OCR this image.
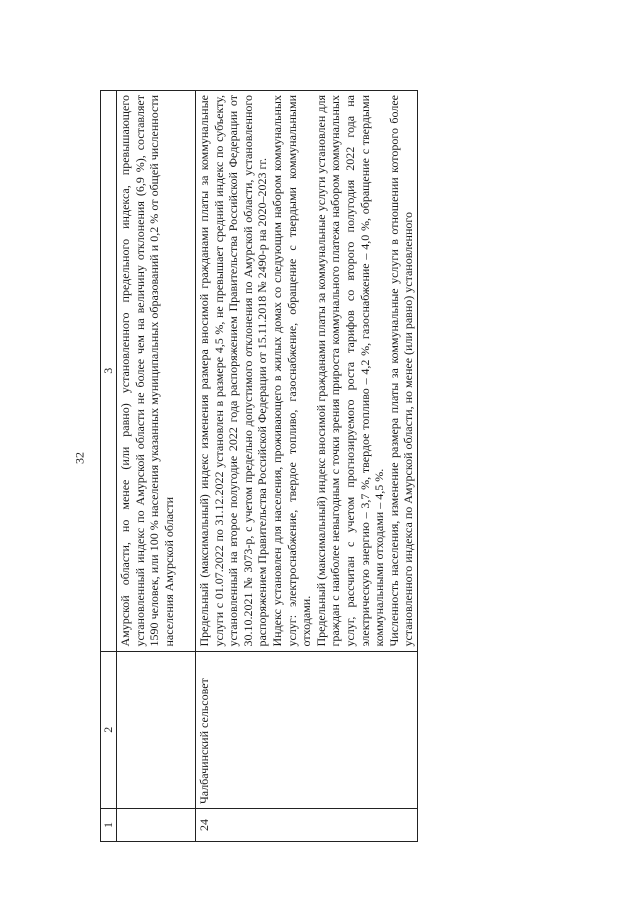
32
1	2	3

		Амурской области, но менее (или равно) установленного предельного индекса, превышающего установленный индекс по Амурской области не более чем на величину отклонения (6,9 %), составляет 1590 человек, или 100 % населения указанных муниципальных образований и 0,2 % от общей численности населения Амурской области

24	Чалбачинский сельсовет	Предельный (максимальный) индекс изменения размера вносимой гражданами платы за коммунальные услуги с 01.07.2022 по 31.12.2022 установлен в размере 4,5 %, не превышает средний индекс по субъекту, установленный на второе полугодие 2022 года распоряжением Правительства Российской Федерации от 30.10.2021 № 3073-р, с учетом предельно допустимого отклонения по Амурской области, установленного распоряжением Правительства Российской Федерации от 15.11.2018 № 2490-р на 2020–2023 гг. Индекс установлен для населения, проживающего в жилых домах со следующим набором коммунальных услуг: электроснабжение, твердое топливо, газоснабжение, обращение с твердыми коммунальными отходами. Предельный (максимальный) индекс вносимой гражданами платы за коммунальные услуги установлен для граждан с наиболее невыгодным с точки зрения прироста коммунального платежа набором коммунальных услуг, рассчитан с учетом прогнозируемого роста тарифов со второго полугодия 2022 года на электрическую энергию – 3,7 %, твердое топливо – 4,2 %, газоснабжение – 4,0 %, обращение с твердыми коммунальными отходами – 4,5 %. Численность населения, изменение размера платы за коммунальные услуги в отношении которого более установленного индекса по Амурской области, но менее (или равно) установленного
